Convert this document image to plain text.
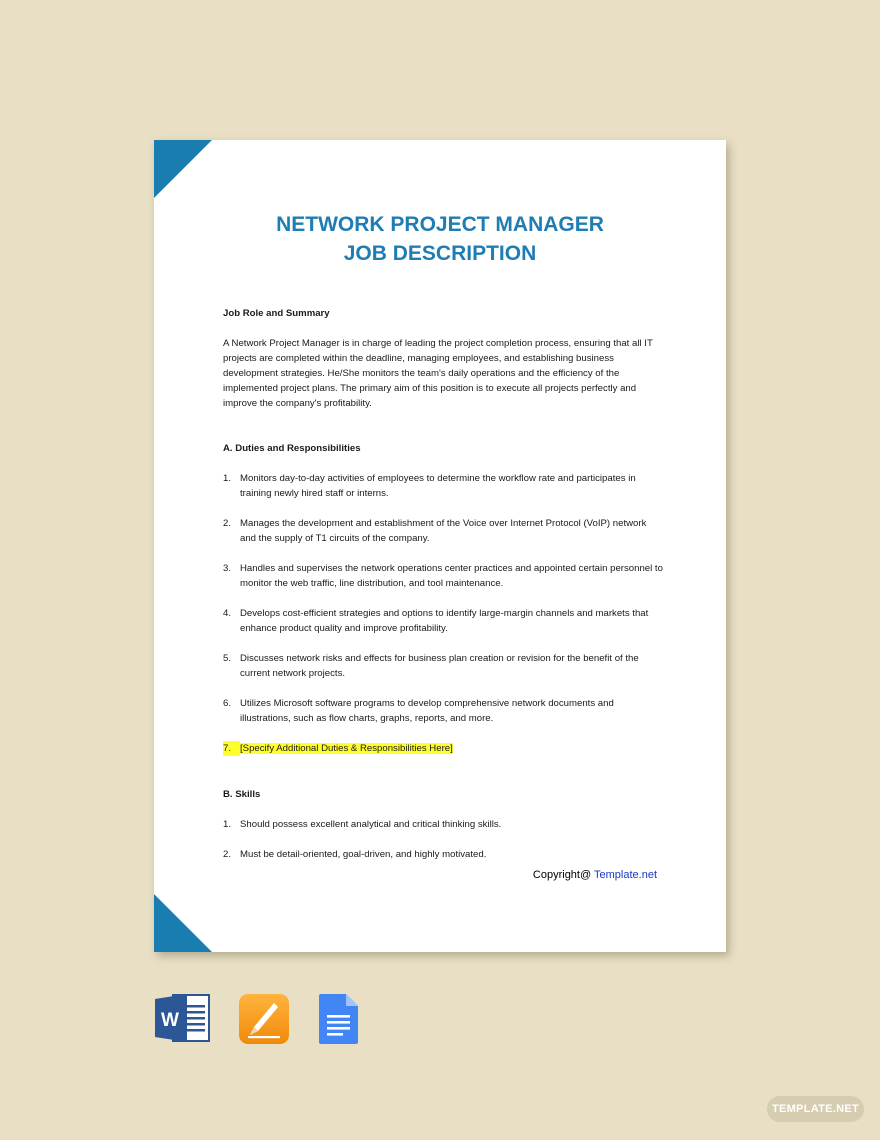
NETWORK PROJECT MANAGER
JOB DESCRIPTION
Job Role and Summary

A Network Project Manager is in charge of leading the project completion process, ensuring that all IT projects are completed within the deadline, managing employees, and establishing business development strategies. He/She monitors the team's daily operations and the efficiency of the implemented project plans. The primary aim of this position is to execute all projects perfectly and improve the company's profitability.

A. Duties and Responsibilities
1. Monitors day-to-day activities of employees to determine the workflow rate and participates in training newly hired staff or interns.
2. Manages the development and establishment of the Voice over Internet Protocol (VoIP) network and the supply of T1 circuits of the company.
3. Handles and supervises the network operations center practices and appointed certain personnel to monitor the web traffic, line distribution, and tool maintenance.
4. Develops cost-efficient strategies and options to identify large-margin channels and markets that enhance product quality and improve profitability.
5. Discusses network risks and effects for business plan creation or revision for the benefit of the current network projects.
6. Utilizes Microsoft software programs to develop comprehensive network documents and illustrations, such as flow charts, graphs, reports, and more.
7. [Specify Additional Duties & Responsibilities Here]
B. Skills
1. Should possess excellent analytical and critical thinking skills.
2. Must be detail-oriented, goal-driven, and highly motivated.
Copyright@ Template.net
W
TEMPLATE.NET
